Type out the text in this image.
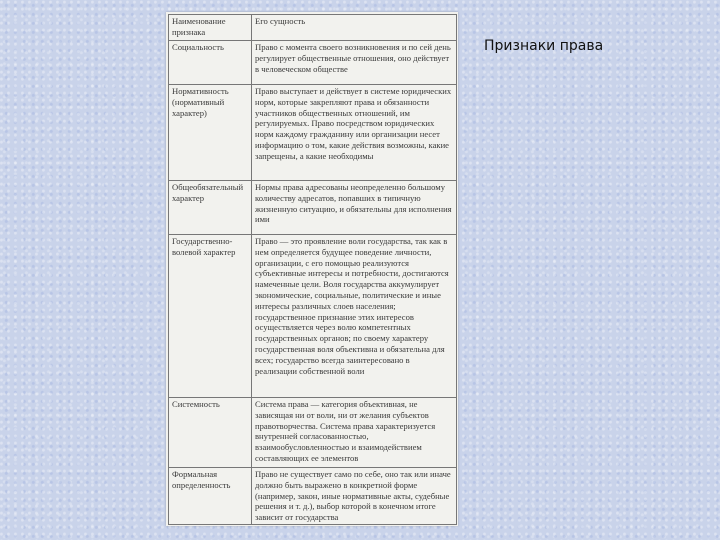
Наименование признака	Его сущность
Социальность	Право с момента своего возникновения и по сей день регулирует общественные отношения, оно действует в человеческом обществе
Нормативность (нормативный характер)	Право выступает и действует в системе юридических норм, которые закрепляют права и обязанности участников общественных отношений, им регулируемых. Право посредством юридических норм каждому гражданину или организации несет информацию о том, какие действия возможны, какие запрещены, а какие необходимы
Общеобязательный характер	Нормы права адресованы неопределенно большому количеству адресатов, попавших в типичную жизненную ситуацию, и обязательны для исполнения ими
Государственно-волевой характер	Право — это проявление воли государства, так как в нем определяется будущее поведение личности, организации, с его помощью реализуются субъективные интересы и потребности, достигаются намеченные цели. Воля государства аккумулирует экономические, социальные, политические и иные интересы различных слоев населения; государственное признание этих интересов осуществляется через волю компетентных государственных органов; по своему характеру государственная воля объективна и обязательна для всех; государство всегда заинтересовано в реализации собственной воли
Системность	Система права — категория объективная, не зависящая ни от воли, ни от желания субъектов правотворчества. Система права характеризуется внутренней согласованностью, взаимообусловленностью и взаимодействием составляющих ее элементов
Формальная определенность	Право не существует само по себе, оно так или иначе должно быть выражено в конкретной форме (например, закон, иные нормативные акты, судебные решения и т. д.), выбор которой в конечном итоге зависит от государства
Признаки права
